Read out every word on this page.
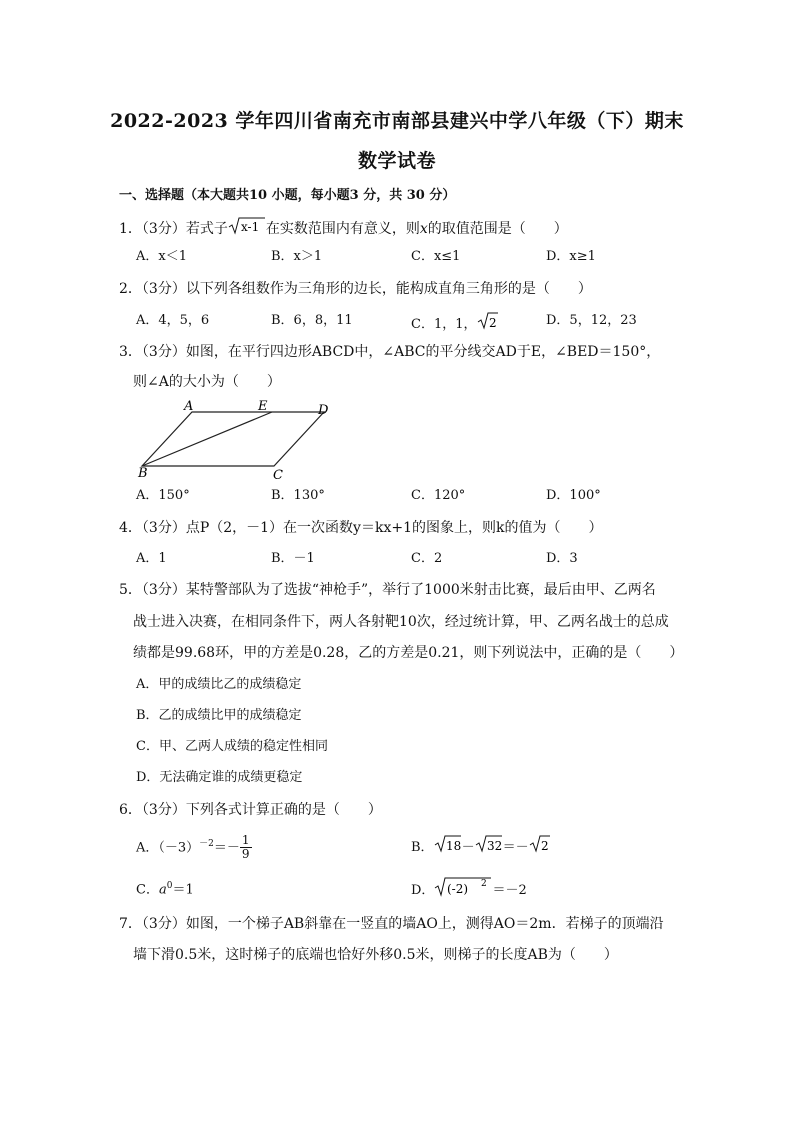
2022-2023 学年四川省南充市南部县建兴中学八年级（下）期末
数学试卷
一、选择题（本大题共10 小题，每小题3 分，共 30 分）
1．（3分）若式子 x-1 在实数范围内有意义，则x的取值范围是（　　）
A．x＜1	B．x＞1	C．x≤1	D．x≥1
2．（3分）以下列各组数作为三角形的边长，能构成直角三角形的是（　　）
A．4，5，6	B．6，8，11	C．1，1， 2	D．5，12，23
3．（3分）如图，在平行四边形ABCD中，∠ABC的平分线交AD于E，∠BED＝150°，
则∠A的大小为（　　）
A	E	D
B	C
A．150°	B．130°	C．120°	D．100°
4．（3分）点P（2，－1）在一次函数y＝kx+1的图象上，则k的值为（　　）
A．1	B．－1	C．2	D．3
5．（3分）某特警部队为了选拔“神枪手”，举行了1000米射击比赛，最后由甲、乙两名
战士进入决赛，在相同条件下，两人各射靶10次，经过统计算，甲、乙两名战士的总成
绩都是99.68环，甲的方差是0.28，乙的方差是0.21，则下列说法中，正确的是（　　）
A．甲的成绩比乙的成绩稳定
B．乙的成绩比甲的成绩稳定
C．甲、乙两人成绩的稳定性相同
D．无法确定谁的成绩更稳定
6．（3分）下列各式计算正确的是（　　）
A．$(-3)^{-2}=- \frac{1}{9}$	B． 18 － 32 ＝－ 2
C．$a^0=1$	D． (-2) 2 ＝－2
7．（3分）如图，一个梯子AB斜靠在一竖直的墙AO上，测得AO＝2m．若梯子的顶端沿
墙下滑0.5米，这时梯子的底端也恰好外移0.5米，则梯子的长度AB为（　　）
